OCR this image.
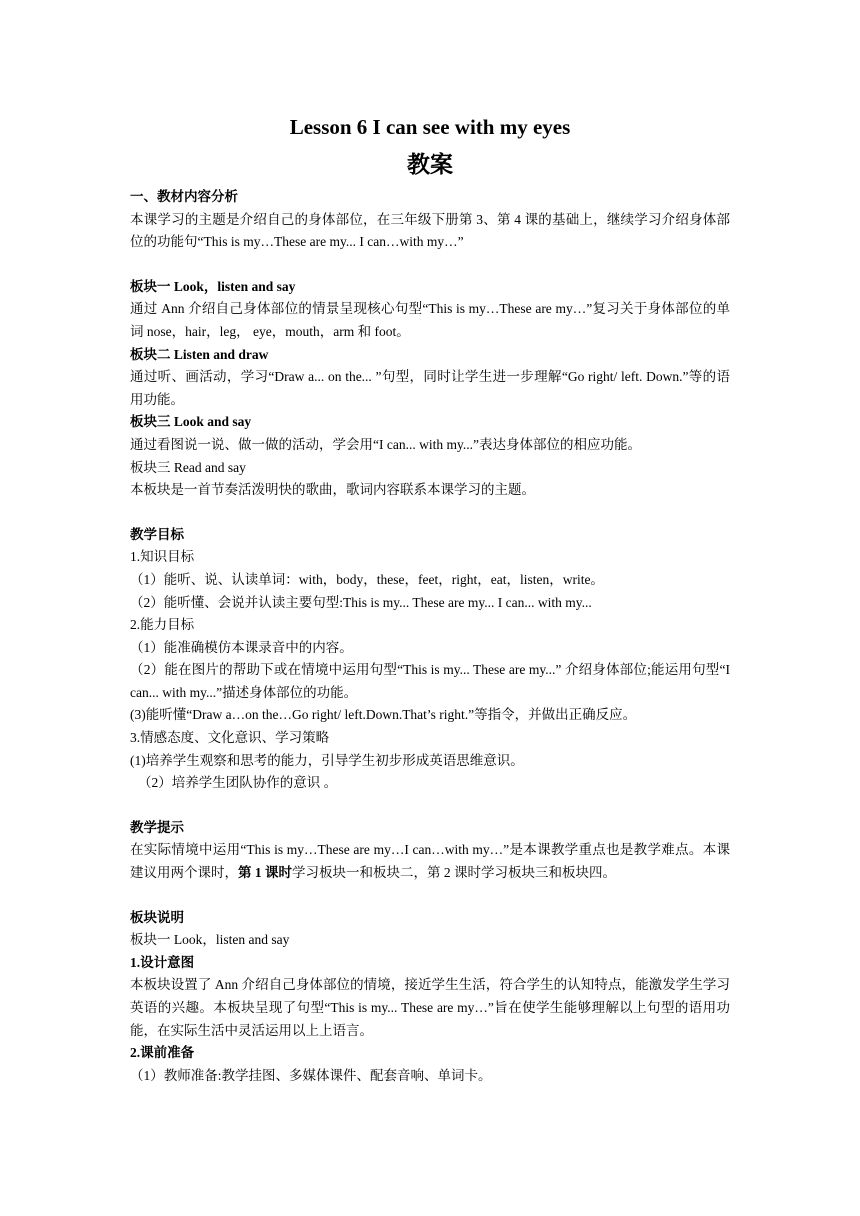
Lesson 6 I can see with my eyes
教案

一、教材内容分析

本课学习的主题是介绍自己的身体部位，在三年级下册第 3、第 4 课的基础上，继续学习介绍身体部位的功能句“This is my…These are my... I can…with my…”

板块一 Look，listen and say

通过 Ann 介绍自己身体部位的情景呈现核心句型“This is my…These are my…”复习关于身体部位的单词 nose，hair，leg， eye，mouth，arm 和 foot。

板块二 Listen and draw

通过听、画活动，学习“Draw a... on the... ”句型，同时让学生进一步理解“Go right/ left. Down.”等的语用功能。

板块三 Look and say

通过看图说一说、做一做的活动，学会用“I can... with my...”表达身体部位的相应功能。

板块三 Read and say

本板块是一首节奏活泼明快的歌曲，歌词内容联系本课学习的主题。

教学目标

1.知识目标

（1）能听、说、认读单词：with，body，these，feet，right，eat，listen，write。

（2）能听懂、会说并认读主要句型:This is my... These are my... I can... with my...

2.能力目标

（1）能准确模仿本课录音中的内容。

（2）能在图片的帮助下或在情境中运用句型“This is my... These are my...” 介绍身体部位;能运用句型“I can... with my...”描述身体部位的功能。

(3)能听懂“Draw a…on the…Go right/ left.Down.That’s right.”等指令，并做出正确反应。

3.情感态度、文化意识、学习策略

(1)培养学生观察和思考的能力，引导学生初步形成英语思维意识。

（2）培养学生团队协作的意识 。

教学提示

在实际情境中运用“This is my…These are my…I can…with my…”是本课教学重点也是教学难点。本课建议用两个课时，第 1 课时学习板块一和板块二，第 2 课时学习板块三和板块四。

板块说明

板块一 Look，listen and say

1.设计意图

本板块设置了 Ann 介绍自己身体部位的情境，接近学生生活，符合学生的认知特点，能激发学生学习英语的兴趣。本板块呈现了句型“This is my... These are my…”旨在使学生能够理解以上句型的语用功能，在实际生活中灵活运用以上上语言。

2.课前准备

（1）教师准备:教学挂图、多媒体课件、配套音响、单词卡。
